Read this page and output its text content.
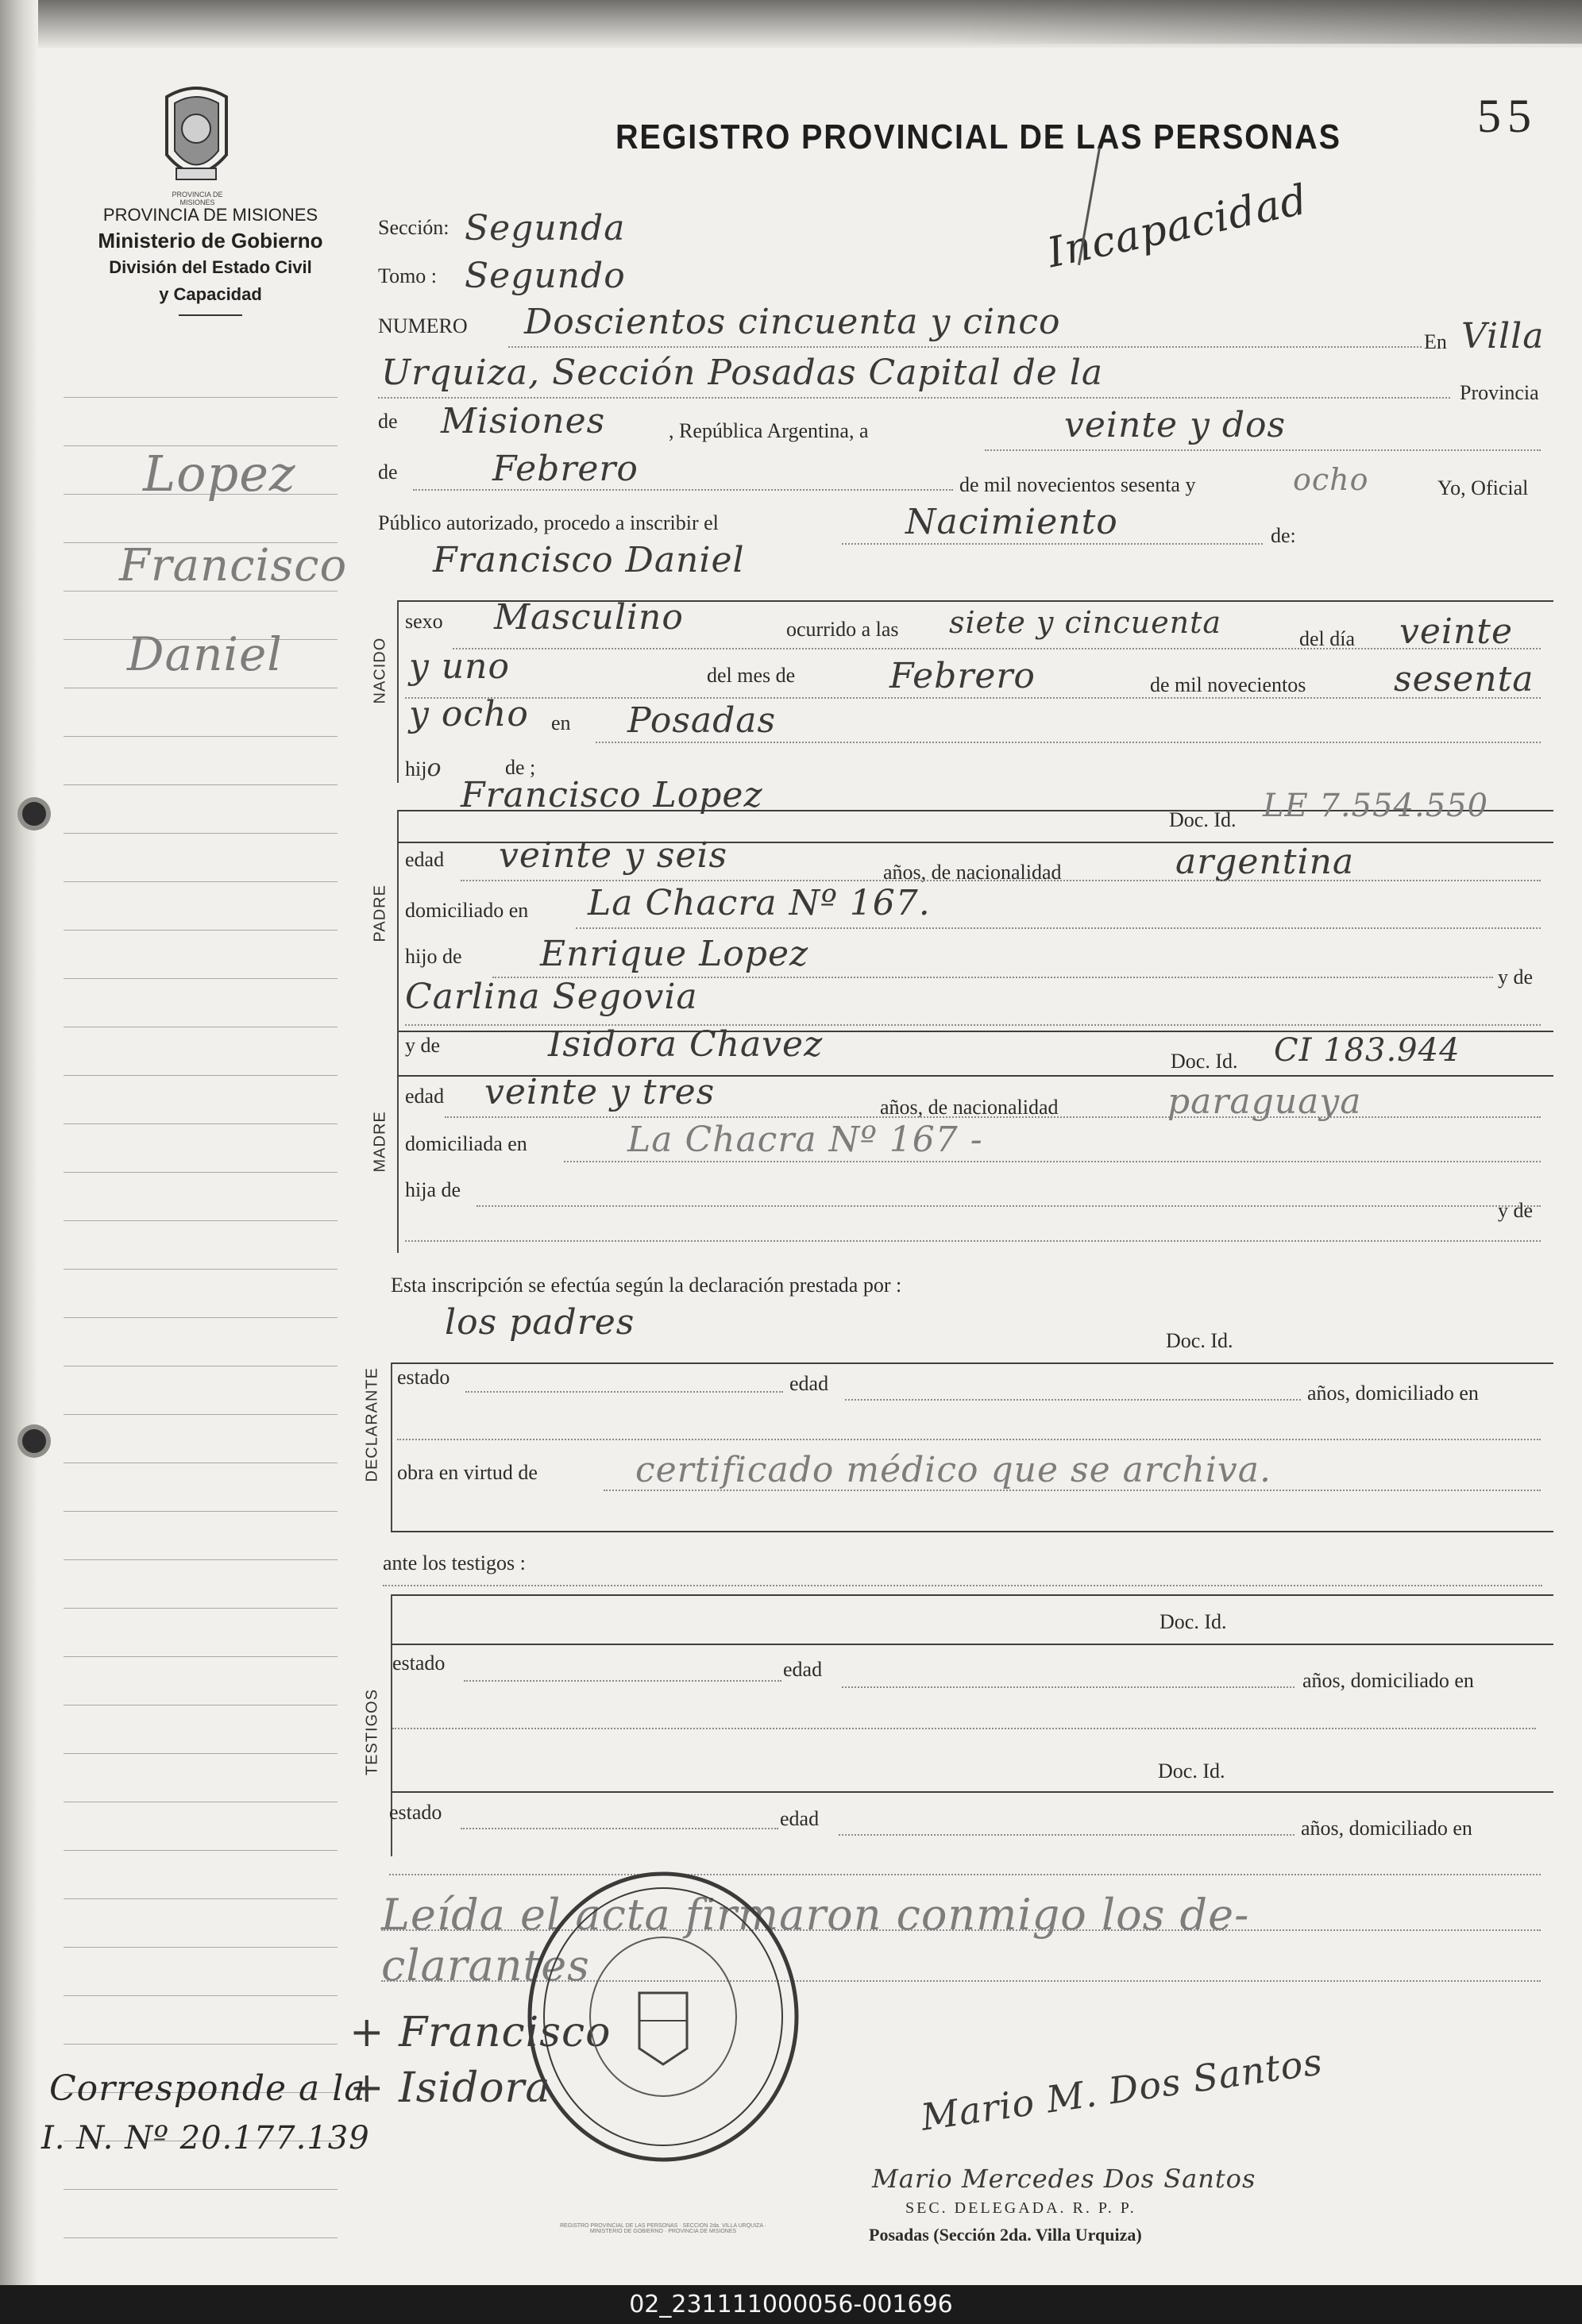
PROVINCIA DE MISIONES
PROVINCIA DE MISIONES
Ministerio de Gobierno
División del Estado Civil
y Capacidad
REGISTRO PROVINCIAL DE LAS PERSONAS	55
Incapacidad
Lopez
Francisco
Daniel
Corresponde a la
I. N. Nº 20.177.139
Sección: Segunda
Tomo : Segundo
NUMERO Doscientos cincuenta y cinco	En Villa
Urquiza, Sección Posadas Capital de la	Provincia
de Misiones	, República Argentina, a	veinte y dos
de	Febrero	de mil novecientos sesenta y	ocho	Yo, Oficial
Público autorizado, procedo a inscribir el	Nacimiento	de:
Francisco Daniel
NACIDO
sexo Masculino	ocurrido a las siete y cincuenta	del día veinte
y uno	del mes de	Febrero	de mil novecientos	sesenta
y ocho en Posadas
hijo	de ;
PADRE
Francisco Lopez
Doc. Id. LE 7.554.550
edad veinte y seis	años, de nacionalidad	argentina
domiciliado en La Chacra Nº 167.
hijo de Enrique Lopez
y de
Carlina Segovia
MADRE
y de	Isidora Chavez	Doc. Id. CI 183.944
edad veinte y tres	años, de nacionalidad	paraguaya
domiciliada en	La Chacra Nº 167 -
hija de
y de
Esta inscripción se efectúa según la declaración prestada por :
los padres	Doc. Id.
DECLARANTE estado	edad	años, domiciliado en
obra en virtud de	certificado médico que se archiva.
ante los testigos :
TESTIGOS
Doc. Id.
estado	edad	años, domiciliado en
Doc. Id.
estado	edad	años, domiciliado en
Leída el acta firmaron conmigo los de-
clarantes
+ Francisco
+ Isidora
REGISTRO PROVINCIAL DE LAS PERSONAS · SECCION 2da. VILLA URQUIZA · MINISTERIO DE GOBIERNO · PROVINCIA DE MISIONES
Mario M. Dos Santos
Mario Mercedes Dos Santos
SEC. DELEGADA. R. P. P.
Posadas (Sección 2da. Villa Urquiza)
02_231111000056-001696
